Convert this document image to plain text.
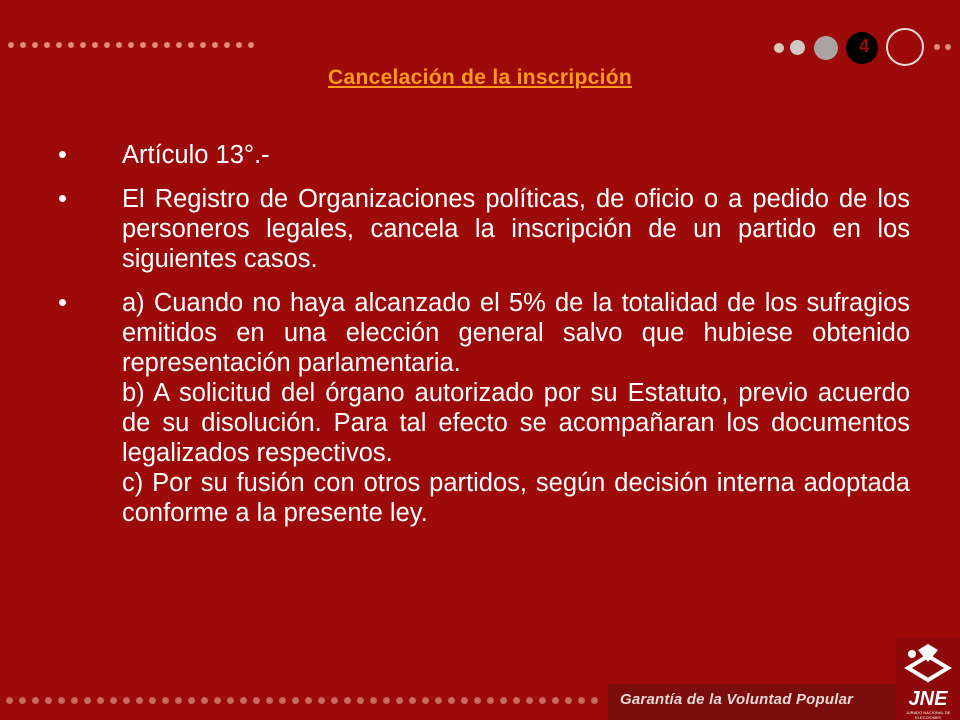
4
Cancelación de la inscripción
•	Artículo 13°.-

•	El Registro de Organizaciones políticas, de oficio o a pedido de los personeros legales, cancela la inscripción de un partido en los siguientes casos.

•	a) Cuando no haya alcanzado el 5% de la totalidad de los sufragios emitidos en una elección general salvo que hubiese obtenido representación parlamentaria.

b) A solicitud del órgano autorizado por su Estatuto, previo acuerdo de su disolución. Para tal efecto se acompañaran los documentos legalizados respectivos.

c) Por su fusión con otros partidos, según decisión interna adoptada conforme a la presente ley.

Garantía de la Voluntad Popular	JNE
JURADO NACIONAL DE ELECCIONES
